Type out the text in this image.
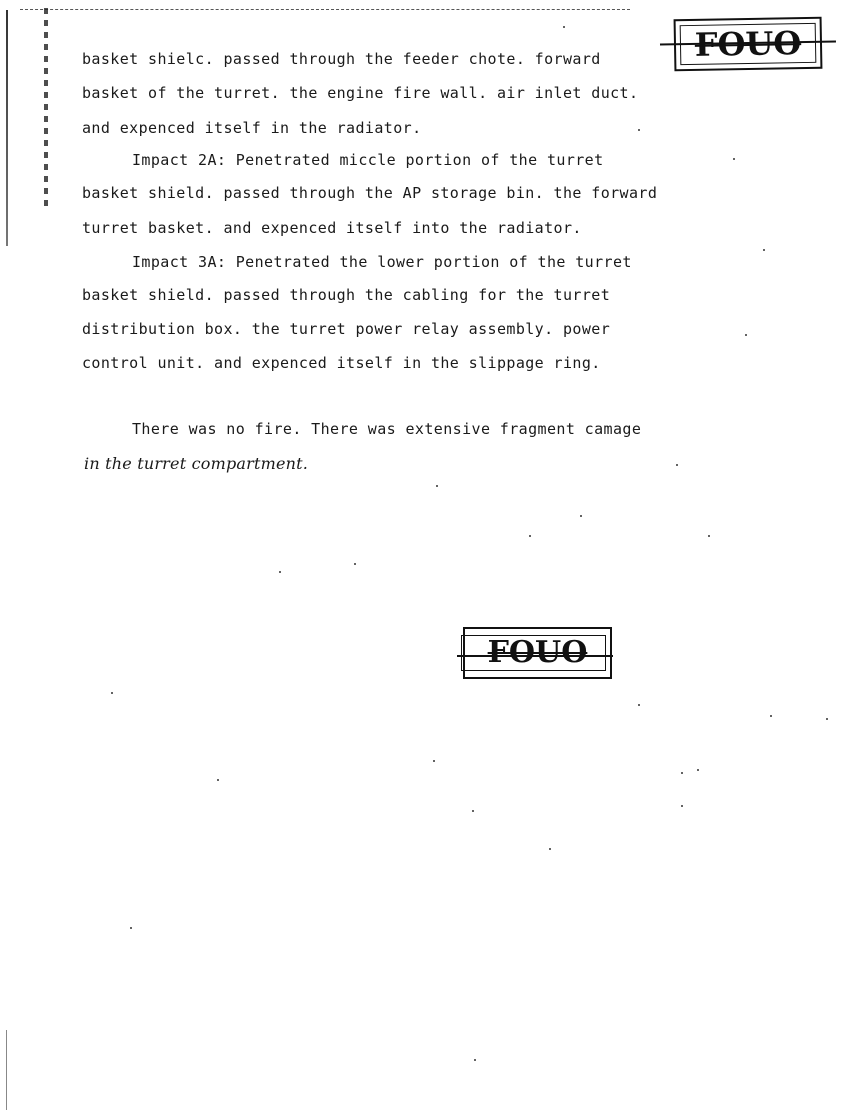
FOUO
basket shielc. passed through the feeder chote. forward
basket of the turret. the engine fire wall. air inlet duct.
and expenced itself in the radiator.
Impact 2A: Penetrated miccle portion of the turret
basket shield. passed through the AP storage bin. the forward
turret basket. and expenced itself into the radiator.
Impact 3A: Penetrated the lower portion of the turret
basket shield. passed through the cabling for the turret
distribution box. the turret power relay assembly. power
control unit. and expenced itself in the slippage ring.
There was no fire. There was extensive fragment camage
in the turret compartment.
FOUO
